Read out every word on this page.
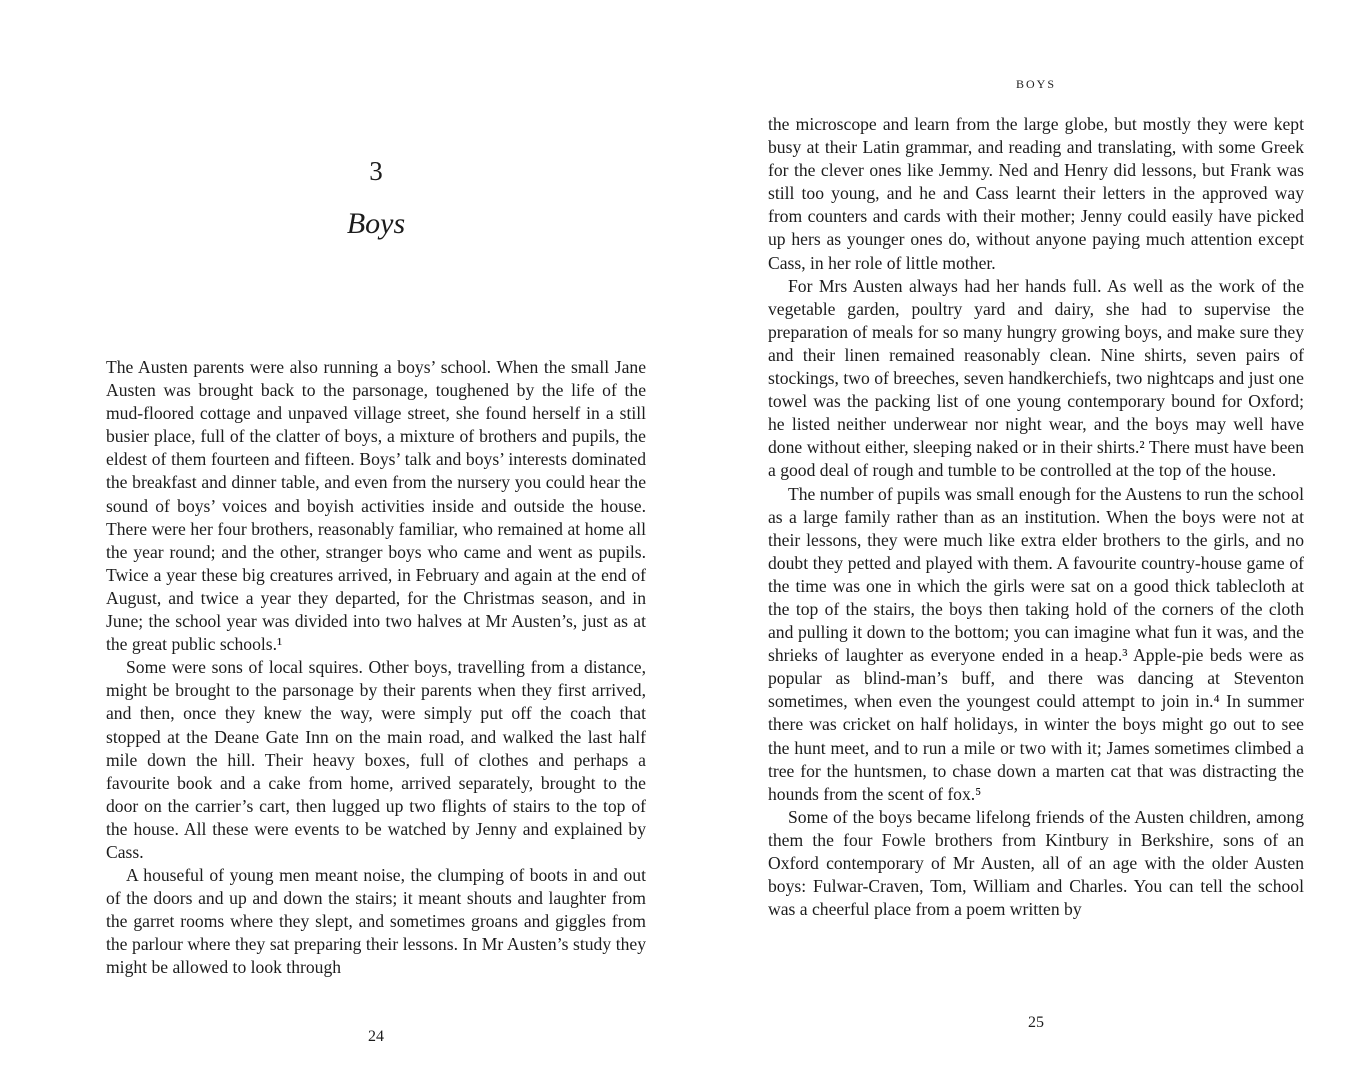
3
Boys

The Austen parents were also running a boys’ school. When the small Jane Austen was brought back to the parsonage, toughened by the life of the mud-floored cottage and unpaved village street, she found herself in a still busier place, full of the clatter of boys, a mixture of brothers and pupils, the eldest of them fourteen and fifteen. Boys’ talk and boys’ interests dominated the breakfast and dinner table, and even from the nursery you could hear the sound of boys’ voices and boyish activities inside and outside the house. There were her four brothers, reasonably familiar, who remained at home all the year round; and the other, stranger boys who came and went as pupils. Twice a year these big creatures arrived, in February and again at the end of August, and twice a year they departed, for the Christmas season, and in June; the school year was divided into two halves at Mr Austen’s, just as at the great public schools.¹

Some were sons of local squires. Other boys, travelling from a distance, might be brought to the parsonage by their parents when they first arrived, and then, once they knew the way, were simply put off the coach that stopped at the Deane Gate Inn on the main road, and walked the last half mile down the hill. Their heavy boxes, full of clothes and perhaps a favourite book and a cake from home, arrived separately, brought to the door on the carrier’s cart, then lugged up two flights of stairs to the top of the house. All these were events to be watched by Jenny and explained by Cass.

A houseful of young men meant noise, the clumping of boots in and out of the doors and up and down the stairs; it meant shouts and laughter from the garret rooms where they slept, and sometimes groans and giggles from the parlour where they sat preparing their lessons. In Mr Austen’s study they might be allowed to look through

24
BOYS

the microscope and learn from the large globe, but mostly they were kept busy at their Latin grammar, and reading and translating, with some Greek for the clever ones like Jemmy. Ned and Henry did lessons, but Frank was still too young, and he and Cass learnt their letters in the approved way from counters and cards with their mother; Jenny could easily have picked up hers as younger ones do, without anyone paying much attention except Cass, in her role of little mother.

For Mrs Austen always had her hands full. As well as the work of the vegetable garden, poultry yard and dairy, she had to supervise the preparation of meals for so many hungry growing boys, and make sure they and their linen remained reasonably clean. Nine shirts, seven pairs of stockings, two of breeches, seven handkerchiefs, two nightcaps and just one towel was the packing list of one young contemporary bound for Oxford; he listed neither underwear nor night wear, and the boys may well have done without either, sleeping naked or in their shirts.² There must have been a good deal of rough and tumble to be controlled at the top of the house.

The number of pupils was small enough for the Austens to run the school as a large family rather than as an institution. When the boys were not at their lessons, they were much like extra elder brothers to the girls, and no doubt they petted and played with them. A favourite country-house game of the time was one in which the girls were sat on a good thick tablecloth at the top of the stairs, the boys then taking hold of the corners of the cloth and pulling it down to the bottom; you can imagine what fun it was, and the shrieks of laughter as everyone ended in a heap.³ Apple-pie beds were as popular as blind-man’s buff, and there was dancing at Steventon sometimes, when even the youngest could attempt to join in.⁴ In summer there was cricket on half holidays, in winter the boys might go out to see the hunt meet, and to run a mile or two with it; James sometimes climbed a tree for the huntsmen, to chase down a marten cat that was distracting the hounds from the scent of fox.⁵

Some of the boys became lifelong friends of the Austen children, among them the four Fowle brothers from Kintbury in Berkshire, sons of an Oxford contemporary of Mr Austen, all of an age with the older Austen boys: Fulwar-Craven, Tom, William and Charles. You can tell the school was a cheerful place from a poem written by

25
